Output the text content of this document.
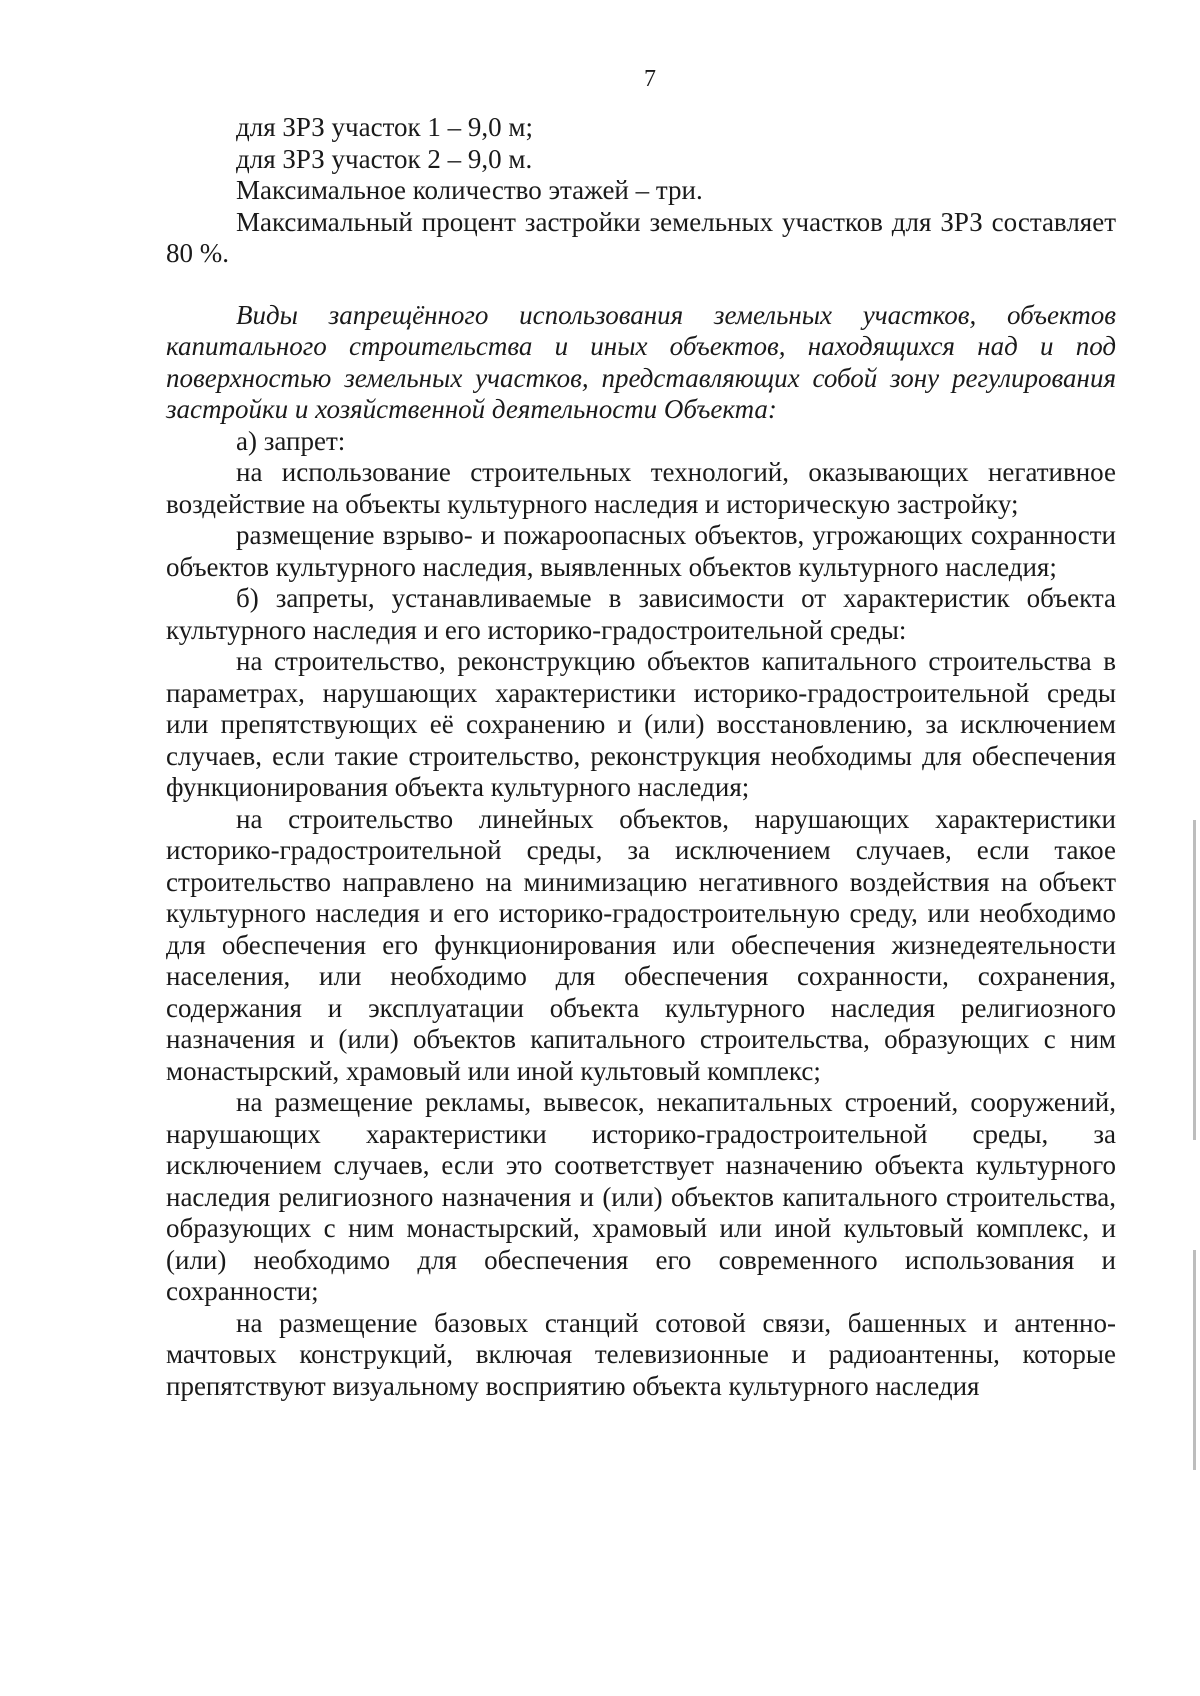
7

для ЗРЗ участок 1 – 9,0 м;

для ЗРЗ участок 2 – 9,0 м.

Максимальное количество этажей – три.

Максимальный процент застройки земельных участков для ЗРЗ составляет 80 %.

Виды запрещённого использования земельных участков, объектов капитального строительства и иных объектов, находящихся над и под поверхностью земельных участков, представляющих собой зону регулирования застройки и хозяйственной деятельности Объекта:

а) запрет:

на использование строительных технологий, оказывающих негативное воздействие на объекты культурного наследия и историческую застройку;

размещение взрыво- и пожароопасных объектов, угрожающих сохранности объектов культурного наследия, выявленных объектов культурного наследия;

б) запреты, устанавливаемые в зависимости от характеристик объекта культурного наследия и его историко-градостроительной среды:

на строительство, реконструкцию объектов капитального строительства в параметрах, нарушающих характеристики историко-градостроительной среды или препятствующих её сохранению и (или) восстановлению, за исключением случаев, если такие строительство, реконструкция необходимы для обеспечения функционирования объекта культурного наследия;

на строительство линейных объектов, нарушающих характеристики историко-градостроительной среды, за исключением случаев, если такое строительство направлено на минимизацию негативного воздействия на объект культурного наследия и его историко-градостроительную среду, или необходимо для обеспечения его функционирования или обеспечения жизнедеятельности населения, или необходимо для обеспечения сохранности, сохранения, содержания и эксплуатации объекта культурного наследия религиозного назначения и (или) объектов капитального строительства, образующих с ним монастырский, храмовый или иной культовый комплекс;

на размещение рекламы, вывесок, некапитальных строений, сооружений, нарушающих характеристики историко-градостроительной среды, за исключением случаев, если это соответствует назначению объекта культурного наследия религиозного назначения и (или) объектов капитального строительства, образующих с ним монастырский, храмовый или иной культовый комплекс, и (или) необходимо для обеспечения его современного использования и сохранности;

на размещение базовых станций сотовой связи, башенных и антенно-мачтовых конструкций, включая телевизионные и радиоантенны, которые препятствуют визуальному восприятию объекта культурного наследия
